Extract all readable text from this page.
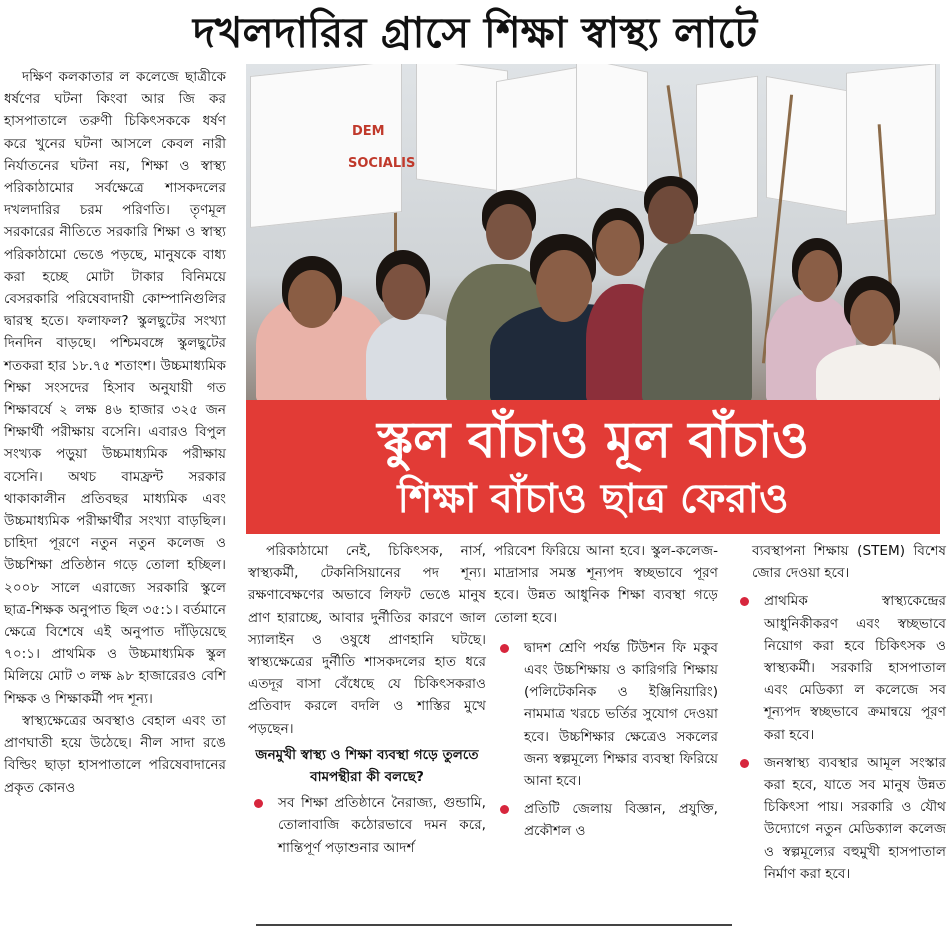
দখলদারির গ্রাসে শিক্ষা স্বাস্থ্য লাটে

দক্ষিণ কলকাতার ল কলেজে ছাত্রীকে ধর্ষণের ঘটনা কিংবা আর জি কর হাসপাতালে তরুণী চিকিৎসককে ধর্ষণ করে খুনের ঘটনা আসলে কেবল নারী নির্যাতনের ঘটনা নয়, শিক্ষা ও স্বাস্থ্য পরিকাঠামোর সর্বক্ষেত্রে শাসকদলের দখলদারির চরম পরিণতি। তৃণমূল সরকারের নীতিতে সরকারি শিক্ষা ও স্বাস্থ্য পরিকাঠামো ভেঙে পড়ছে, মানুষকে বাধ্য করা হচ্ছে মোটা টাকার বিনিময়ে বেসরকারি পরিষেবাদায়ী কোম্পানিগুলির দ্বারস্থ হতে। ফলাফল? স্কুলছুটের সংখ্যা দিনদিন বাড়ছে। পশ্চিমবঙ্গে স্কুলছুটের শতকরা হার ১৮.৭৫ শতাংশ। উচ্চমাধ্যমিক শিক্ষা সংসদের হিসাব অনুযায়ী গত শিক্ষাবর্ষে ২ লক্ষ ৪৬ হাজার ৩২৫ জন শিক্ষার্থী পরীক্ষায় বসেনি। এবারও বিপুল সংখ্যক পড়ুয়া উচ্চমাধ্যমিক পরীক্ষায় বসেনি। অথচ বামফ্রন্ট সরকার থাকাকালীন প্রতিবছর মাধ্যমিক এবং উচ্চমাধ্যমিক পরীক্ষার্থীর সংখ্যা বাড়ছিল। চাহিদা পূরণে নতুন নতুন কলেজ ও উচ্চশিক্ষা প্রতিষ্ঠান গড়ে তোলা হচ্ছিল। ২০০৮ সালে এরাজ্যে সরকারি স্কুলে ছাত্র-শিক্ষক অনুপাত ছিল ৩৫:১। বর্তমানে ক্ষেত্রে বিশেষে এই অনুপাত দাঁড়িয়েছে ৭০:১। প্রাথমিক ও উচ্চমাধ্যমিক স্কুল মিলিয়ে মোট ৩ লক্ষ ৯৮ হাজারেরও বেশি শিক্ষক ও শিক্ষাকর্মী পদ শূন্য।

স্বাস্থ্যক্ষেত্রের অবস্থাও বেহাল এবং তা প্রাণঘাতী হয়ে উঠেছে। নীল সাদা রঙে বিল্ডিং ছাড়া হাসপাতালে পরিষেবাদানের প্রকৃত কোনও

DEM
SOCIALIS
স্কুল বাঁচাও মূল বাঁচাও
শিক্ষা বাঁচাও ছাত্র ফেরাও

পরিকাঠামো নেই, চিকিৎসক, নার্স, স্বাস্থ্যকর্মী, টেকনিসিয়ানের পদ শূন্য। রক্ষণাবেক্ষণের অভাবে লিফট ভেঙে মানুষ প্রাণ হারাচ্ছে, আবার দুর্নীতির কারণে জাল স্যালাইন ও ওষুধে প্রাণহানি ঘটছে। স্বাস্থ্যক্ষেত্রের দুর্নীতি শাসকদলের হাত ধরে এতদূর বাসা বেঁধেছে যে চিকিৎসকরাও প্রতিবাদ করলে বদলি ও শাস্তির মুখে পড়ছেন।

জনমুখী স্বাস্থ্য ও শিক্ষা ব্যবস্থা গড়ে তুলতে বামপন্থীরা কী বলছে?

সব শিক্ষা প্রতিষ্ঠানে নৈরাজ্য, গুন্ডামি, তোলাবাজি কঠোরভাবে দমন করে, শান্তিপূর্ণ পড়াশুনার আদর্শ

পরিবেশ ফিরিয়ে আনা হবে। স্কুল-কলেজ-মাদ্রাসার সমস্ত শূন্যপদ স্বচ্ছভাবে পূরণ হবে। উন্নত আধুনিক শিক্ষা ব্যবস্থা গড়ে তোলা হবে।

দ্বাদশ শ্রেণি পর্যন্ত টিউশন ফি মকুব এবং উচ্চশিক্ষায় ও কারিগরি শিক্ষায় (পলিটেকনিক ও ইঞ্জিনিয়ারিং) নামমাত্র খরচে ভর্তির সুযোগ দেওয়া হবে। উচ্চশিক্ষার ক্ষেত্রেও সকলের জন্য স্বল্পমূল্যে শিক্ষার ব্যবস্থা ফিরিয়ে আনা হবে।

প্রতিটি জেলায় বিজ্ঞান, প্রযুক্তি, প্রকৌশল ও

ব্যবস্থাপনা শিক্ষায় (STEM) বিশেষ জোর দেওয়া হবে।

প্রাথমিক স্বাস্থ্যকেন্দ্রের আধুনিকীকরণ এবং স্বচ্ছভাবে নিয়োগ করা হবে চিকিৎসক ও স্বাস্থ্যকর্মী। সরকারি হাসপাতাল এবং মেডিক্যা ল কলেজে সব শূন্যপদ স্বচ্ছভাবে ক্রমান্বয়ে পূরণ করা হবে।

জনস্বাস্থ্য ব্যবস্থার আমূল সংস্কার করা হবে, যাতে সব মানুষ উন্নত চিকিৎসা পায়। সরকারি ও যৌথ উদ্যোগে নতুন মেডিক্যাল কলেজ ও স্বল্পমূল্যের বহুমুখী হাসপাতাল নির্মাণ করা হবে।
